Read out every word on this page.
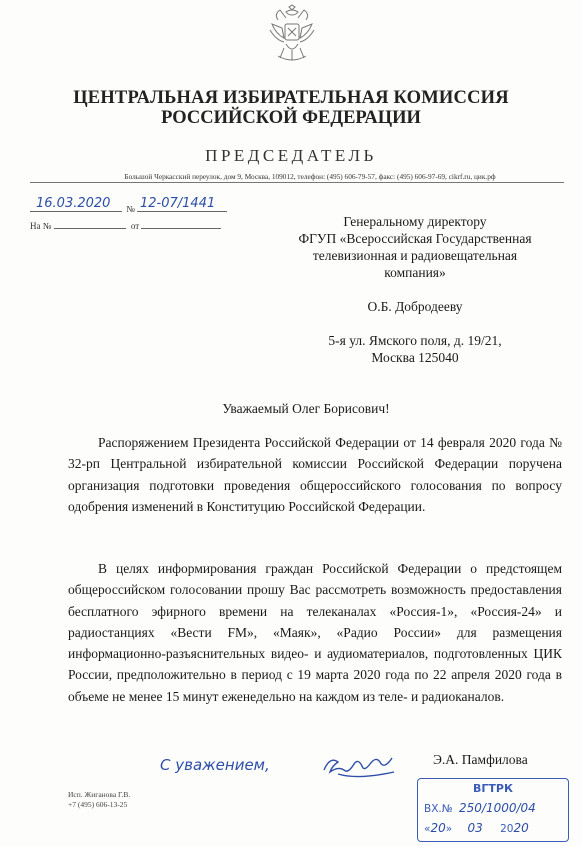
ЦЕНТРАЛЬНАЯ ИЗБИРАТЕЛЬНАЯ КОМИССИЯ
РОССИЙСКОЙ ФЕДЕРАЦИИ
ПРЕДСЕДАТЕЛЬ
Большой Черкасский переулок, дом 9, Москва, 109012, телефон: (495) 606-79-57, факс: (495) 606-97-69, cikrf.ru, цик.рф
№
16.03.2020 12-07/1441
На №	от	Генеральному директору
ФГУП «Всероссийская Государственная
телевизионная и радиовещательная
компания»
О.Б. Добродееву
5-я ул. Ямского поля, д. 19/21,
Москва 125040
Уважаемый Олег Борисович!
Распоряжением Президента Российской Федерации от 14 февраля 2020 года № 32-рп Центральной избирательной комиссии Российской Федерации поручена организация подготовки проведения общероссийского голосования по вопросу одобрения изменений в Конституцию Российской Федерации.
В целях информирования граждан Российской Федерации о предстоящем общероссийском голосовании прошу Вас рассмотреть возможность предоставления бесплатного эфирного времени на телеканалах «Россия-1», «Россия-24» и радиостанциях «Вести FM», «Маяк», «Радио России» для размещения информационно-разъяснительных видео- и аудиоматериалов, подготовленных ЦИК России, предположительно в период с 19 марта 2020 года по 22 апреля 2020 года в объеме не менее 15 минут еженедельно на каждом из теле- и радиоканалов.
С уважением,	Э.А. Памфилова
Исп. Жиганова Г.В.
+7 (495) 606-13-25
ВГТРК
ВХ.№ 250/1000/04
«20» 03 2020
